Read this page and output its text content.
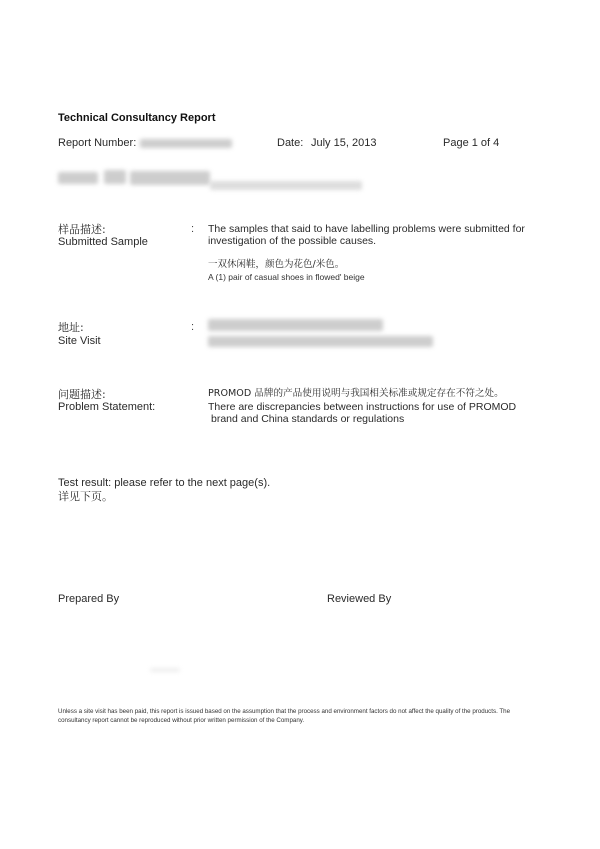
Technical Consultancy Report
Report Number:	Date: July 15, 2013	Page 1 of 4
样品描述:
Submitted Sample
: The samples that said to have labelling problems were submitted for investigation of the possible causes.
一双休闲鞋，颜色为花色/米色。
A (1) pair of casual shoes in flowed' beige
地址:
Site Visit
:
问题描述:
Problem Statement:
PROMOD 品牌的产品使用说明与我国相关标准或规定存在不符之处。
There are discrepancies between instructions for use of PROMOD
brand and China standards or regulations
Test result: please refer to the next page(s).
详见下页。
Prepared By	Reviewed By
Unless a site visit has been paid, this report is issued based on the assumption that the process and environment factors do not affect the quality of the products. The consultancy report cannot be reproduced without prior written permission of the Company.
